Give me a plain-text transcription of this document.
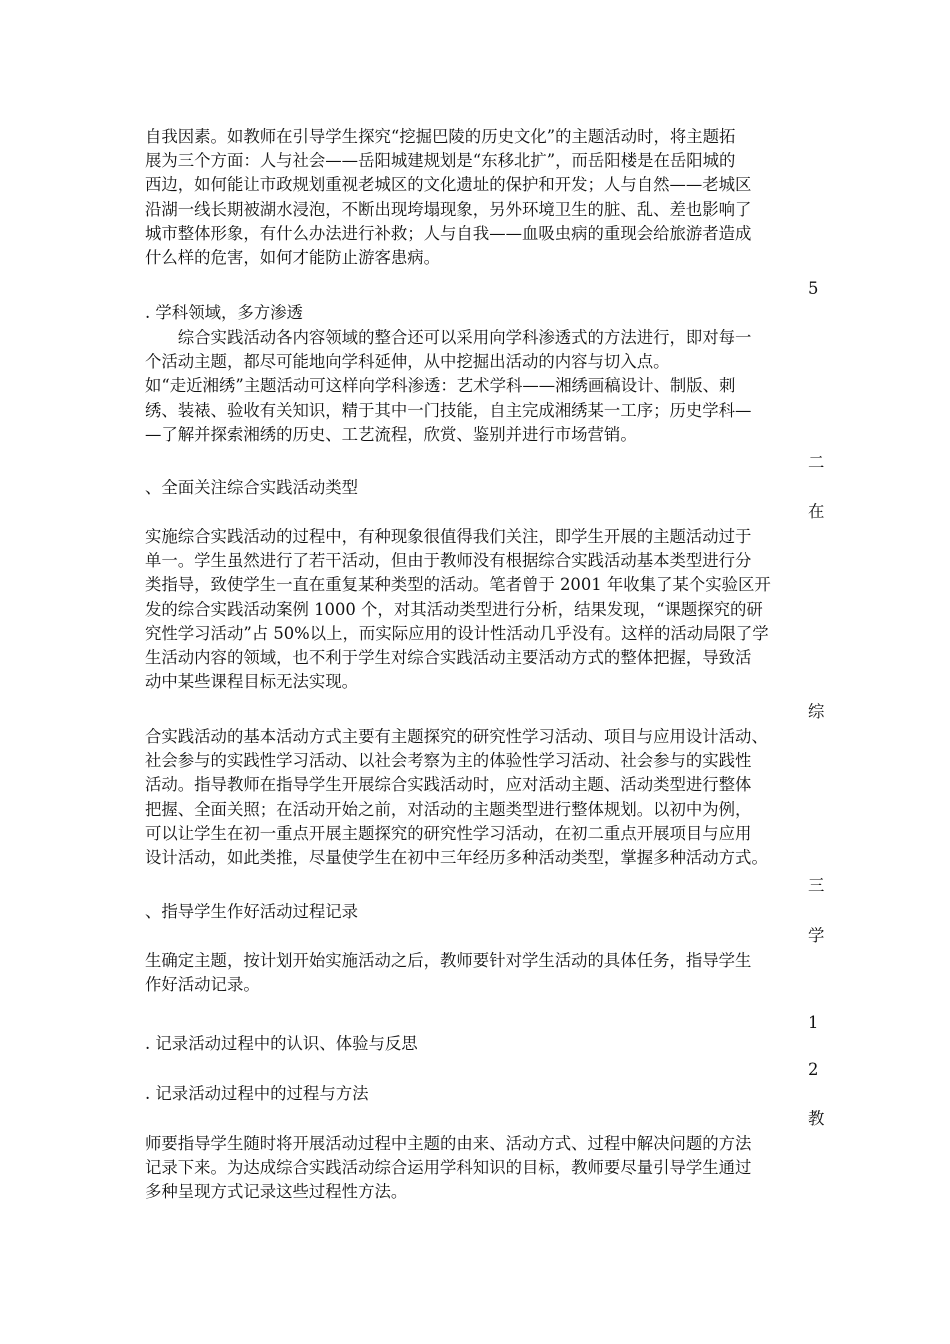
自我因素。如教师在引导学生探究“挖掘巴陵的历史文化”的主题活动时，将主题拓
展为三个方面：人与社会——岳阳城建规划是“东移北扩”，而岳阳楼是在岳阳城的
西边，如何能让市政规划重视老城区的文化遗址的保护和开发；人与自然——老城区
沿湖一线长期被湖水浸泡，不断出现垮塌现象，另外环境卫生的脏、乱、差也影响了
城市整体形象，有什么办法进行补救；人与自我——血吸虫病的重现会给旅游者造成
什么样的危害，如何才能防止游客患病。
5
. 学科领域，多方渗透
　　综合实践活动各内容领域的整合还可以采用向学科渗透式的方法进行，即对每一
个活动主题，都尽可能地向学科延伸，从中挖掘出活动的内容与切入点。
如“走近湘绣”主题活动可这样向学科渗透：艺术学科——湘绣画稿设计、制版、刺
绣、装裱、验收有关知识，精于其中一门技能，自主完成湘绣某一工序；历史学科—
—了解并探索湘绣的历史、工艺流程，欣赏、鉴别并进行市场营销。
二
、全面关注综合实践活动类型
在
实施综合实践活动的过程中，有种现象很值得我们关注，即学生开展的主题活动过于
单一。学生虽然进行了若干活动，但由于教师没有根据综合实践活动基本类型进行分
类指导，致使学生一直在重复某种类型的活动。笔者曾于 2001 年收集了某个实验区开
发的综合实践活动案例 1000 个，对其活动类型进行分析，结果发现，“课题探究的研
究性学习活动”占 50%以上，而实际应用的设计性活动几乎没有。这样的活动局限了学
生活动内容的领域，也不利于学生对综合实践活动主要活动方式的整体把握，导致活
动中某些课程目标无法实现。
综
合实践活动的基本活动方式主要有主题探究的研究性学习活动、项目与应用设计活动、
社会参与的实践性学习活动、以社会考察为主的体验性学习活动、社会参与的实践性
活动。指导教师在指导学生开展综合实践活动时，应对活动主题、活动类型进行整体
把握、全面关照；在活动开始之前，对活动的主题类型进行整体规划。以初中为例，
可以让学生在初一重点开展主题探究的研究性学习活动，在初二重点开展项目与应用
设计活动，如此类推，尽量使学生在初中三年经历多种活动类型，掌握多种活动方式。
三
、指导学生作好活动过程记录
学
生确定主题，按计划开始实施活动之后，教师要针对学生活动的具体任务，指导学生
作好活动记录。
1
. 记录活动过程中的认识、体验与反思
2
. 记录活动过程中的过程与方法
教
师要指导学生随时将开展活动过程中主题的由来、活动方式、过程中解决问题的方法
记录下来。为达成综合实践活动综合运用学科知识的目标，教师要尽量引导学生通过
多种呈现方式记录这些过程性方法。
